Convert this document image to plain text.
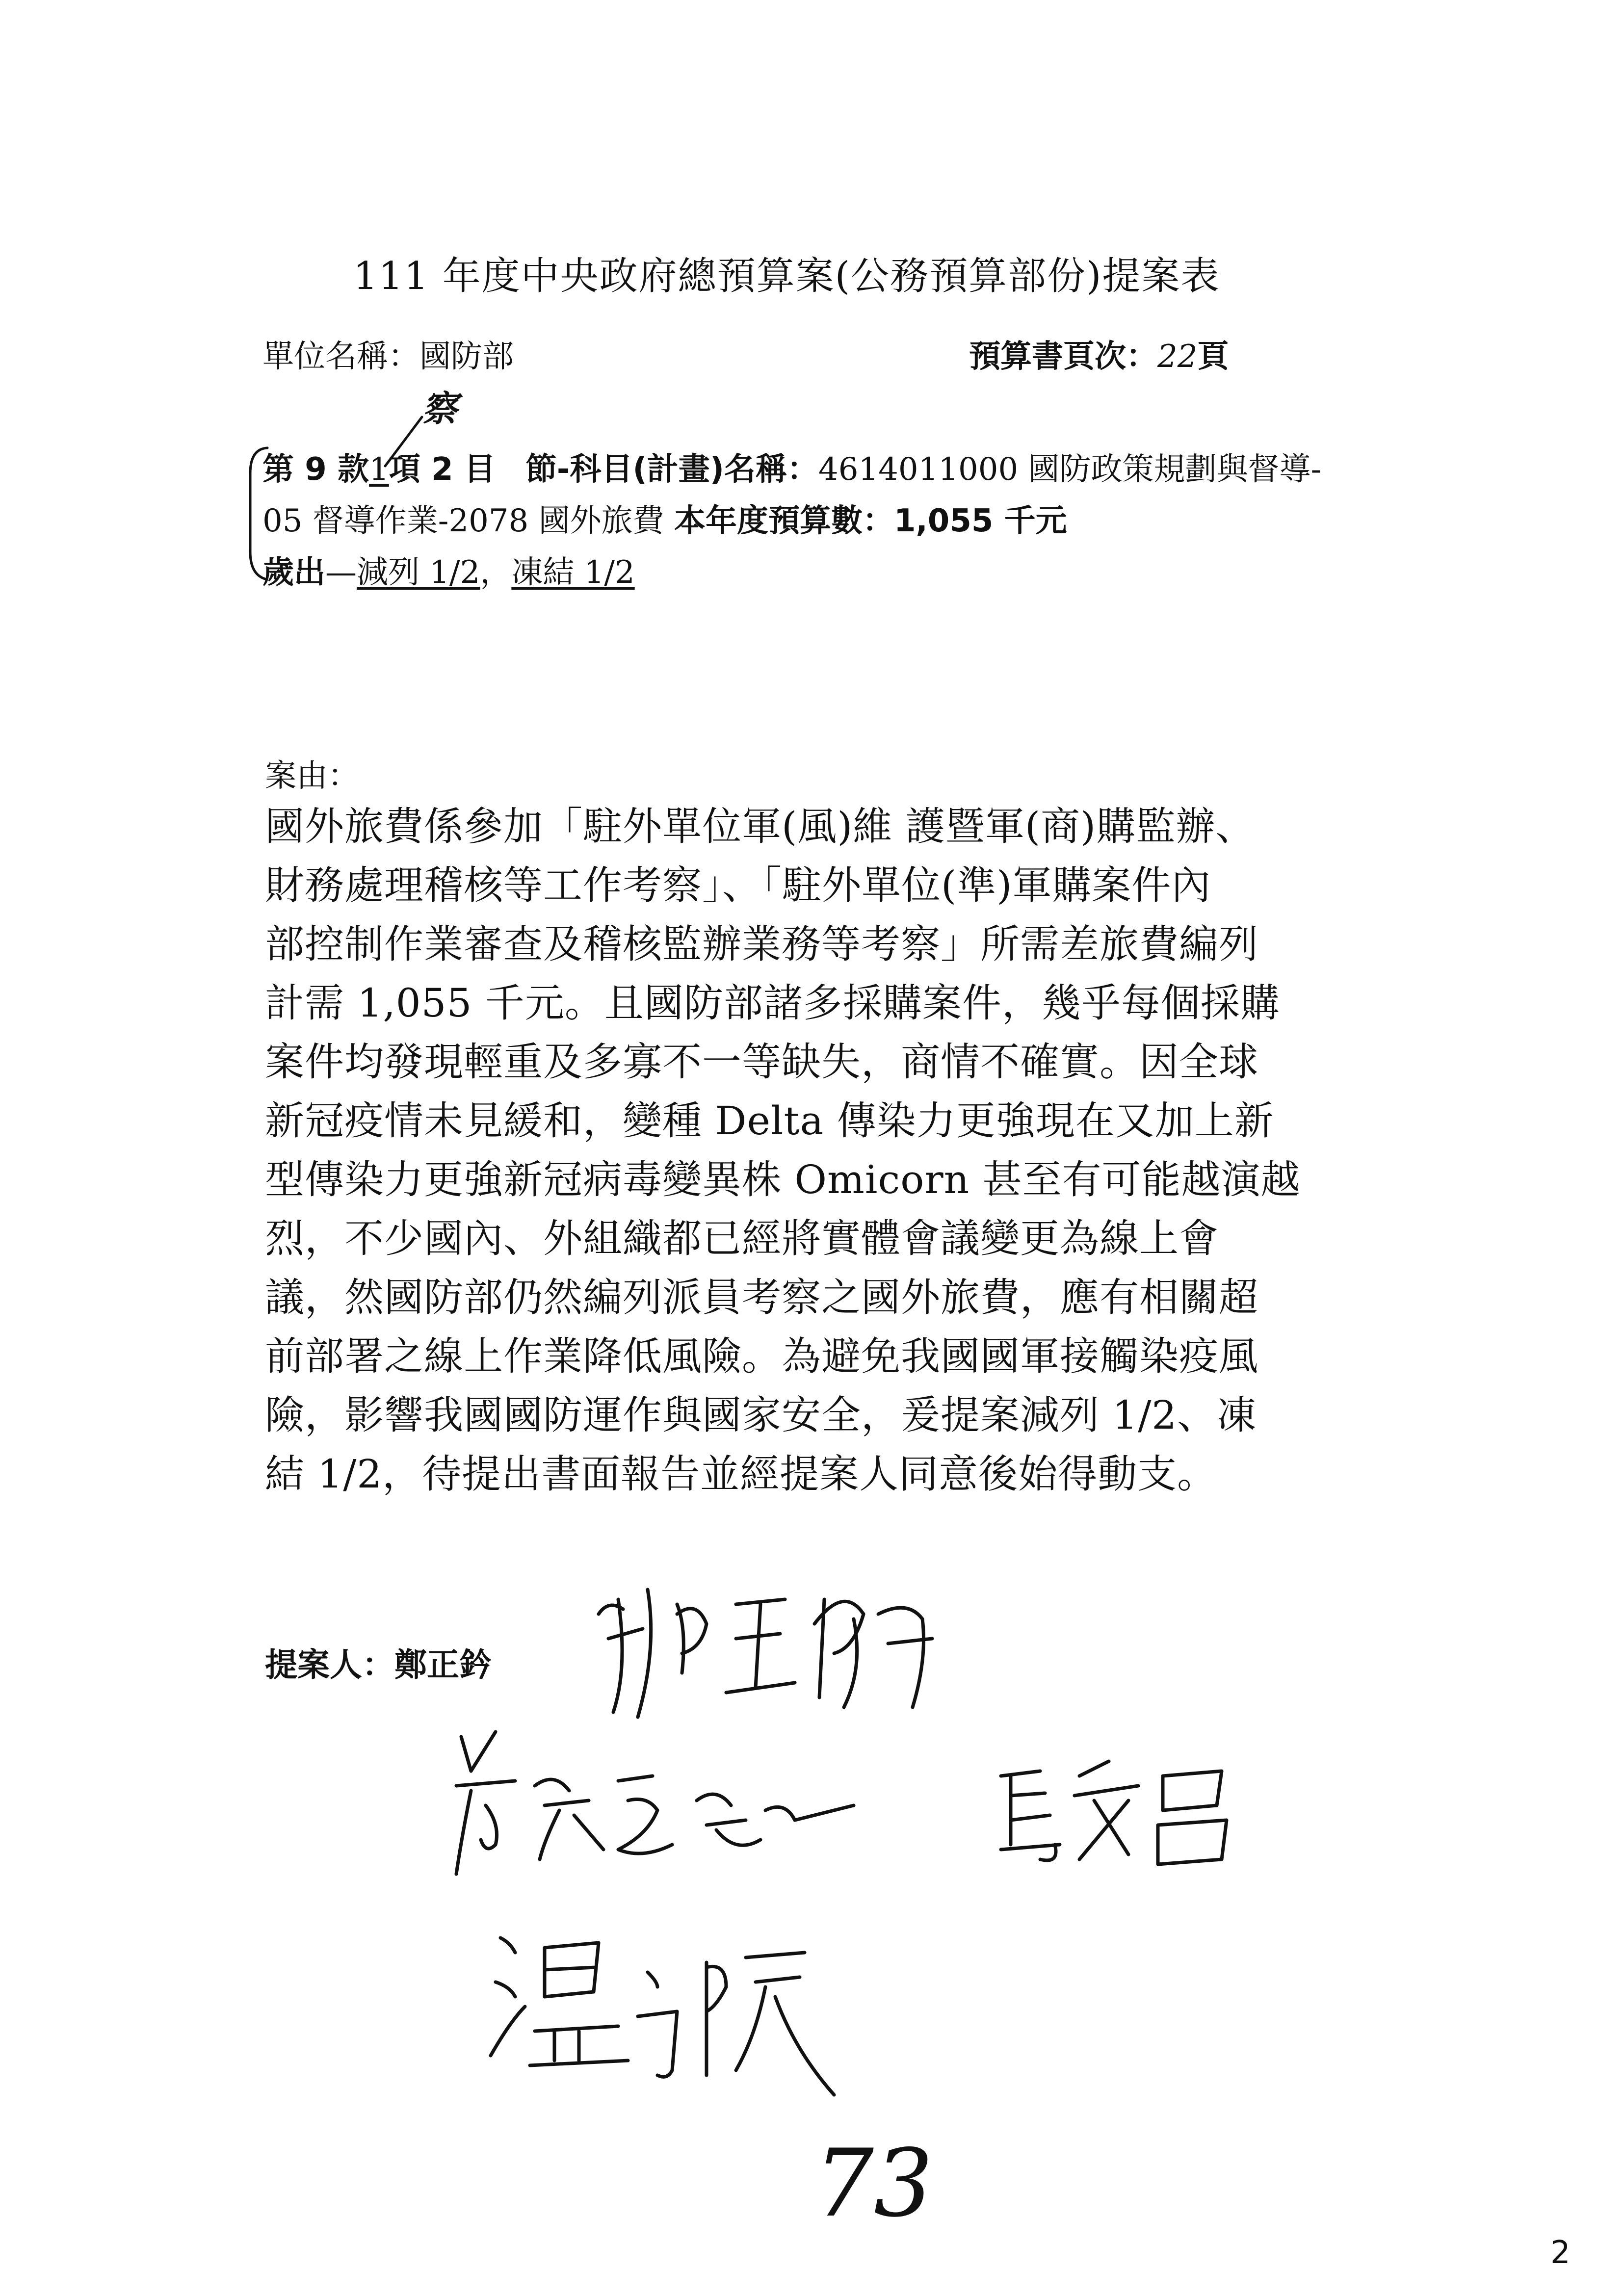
111 年度中央政府總預算案(公務預算部份)提案表
單位名稱：國防部	預算書頁次：22頁
察
第 9 款1項 2 目 節-科目(計畫)名稱：4614011000 國防政策規劃與督導-
05 督導作業-2078 國外旅費 本年度預算數：1,055 千元
歲出—減列 1/2，凍結 1/2
案由：
國外旅費係參加「駐外單位軍(風)維 護暨軍(商)購監辦、
財務處理稽核等工作考察」、「駐外單位(準)軍購案件內
部控制作業審查及稽核監辦業務等考察」所需差旅費編列
計需 1,055 千元。且國防部諸多採購案件，幾乎每個採購
案件均發現輕重及多寡不一等缺失，商情不確實。因全球
新冠疫情未見緩和，變種 Delta 傳染力更強現在又加上新
型傳染力更強新冠病毒變異株 Omicorn 甚至有可能越演越
烈，不少國內、外組織都已經將實體會議變更為線上會
議，然國防部仍然編列派員考察之國外旅費，應有相關超
前部署之線上作業降低風險。為避免我國國軍接觸染疫風
險，影響我國國防運作與國家安全，爰提案減列 1/2、凍
結 1/2，待提出書面報告並經提案人同意後始得動支。
提案人：鄭正鈐
73
2
